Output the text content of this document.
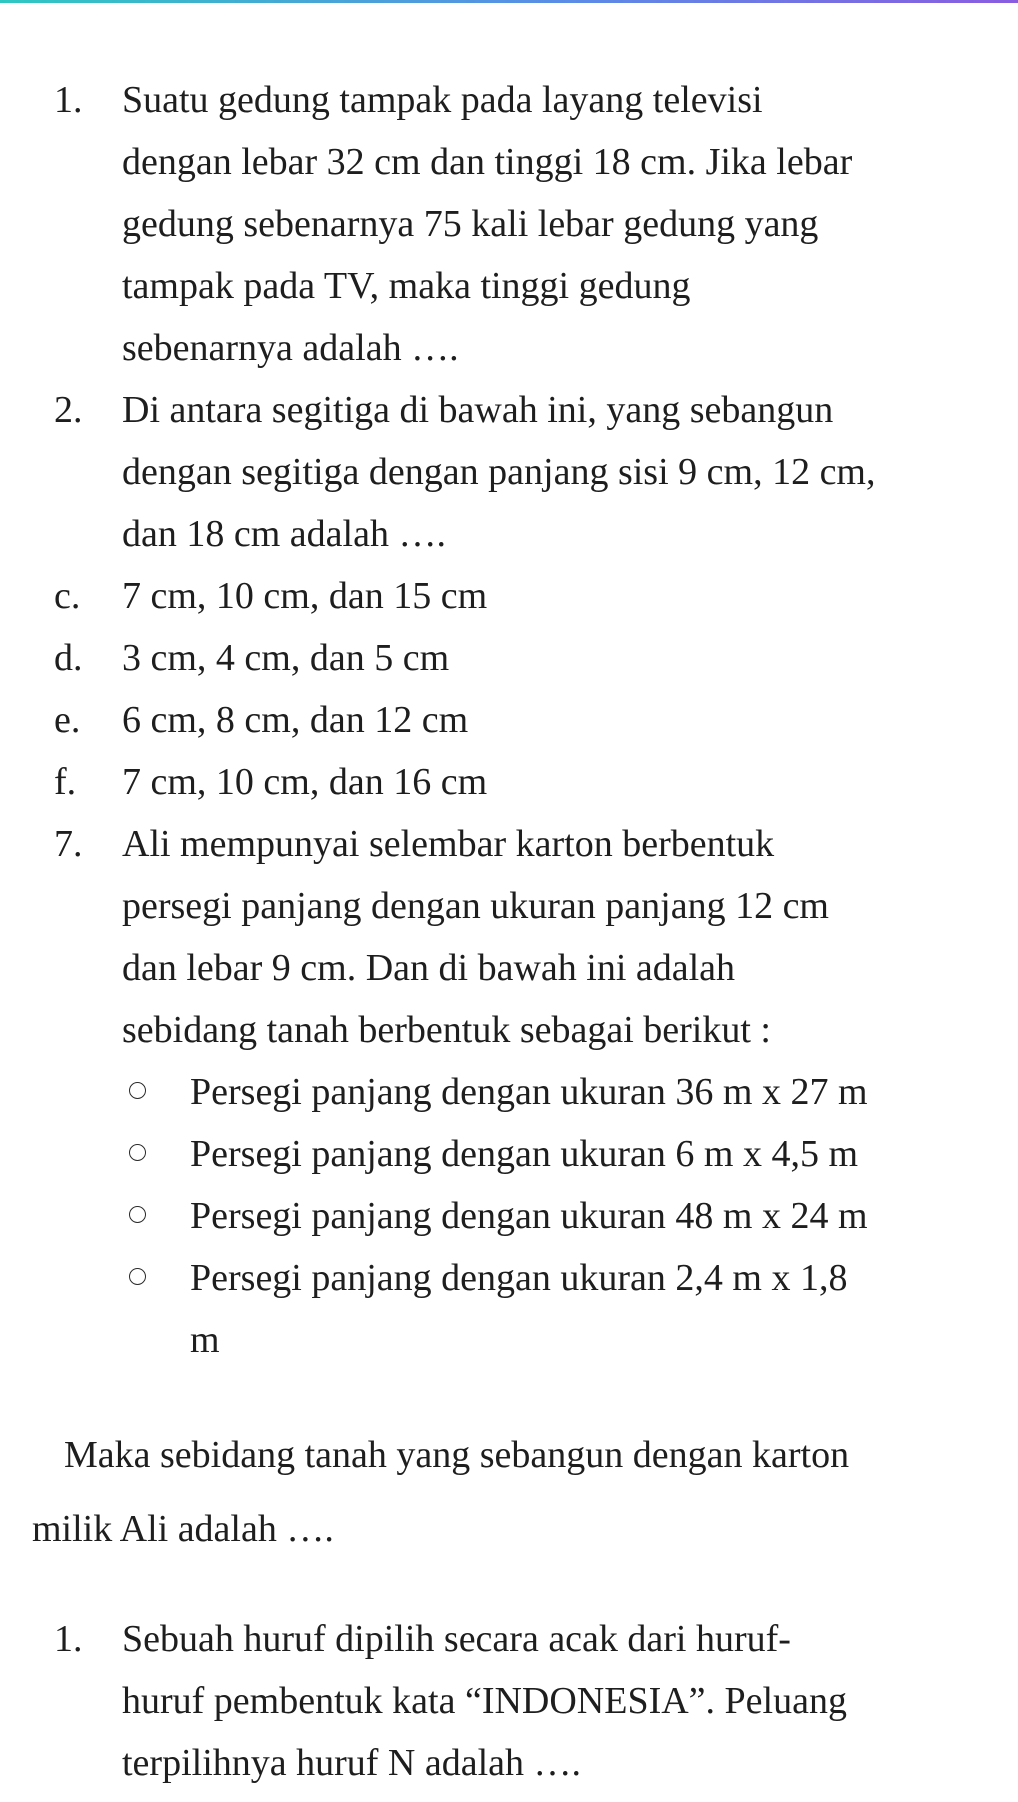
1. Suatu gedung tampak pada layang televisi
dengan lebar 32 cm dan tinggi 18 cm. Jika lebar
gedung sebenarnya 75 kali lebar gedung yang
tampak pada TV, maka tinggi gedung
sebenarnya adalah ….
2. Di antara segitiga di bawah ini, yang sebangun
dengan segitiga dengan panjang sisi 9 cm, 12 cm,
dan 18 cm adalah ….
c. 7 cm, 10 cm, dan 15 cm
d. 3 cm, 4 cm, dan 5 cm
e. 6 cm, 8 cm, dan 12 cm
f. 7 cm, 10 cm, dan 16 cm
7. Ali mempunyai selembar karton berbentuk
persegi panjang dengan ukuran panjang 12 cm
dan lebar 9 cm. Dan di bawah ini adalah
sebidang tanah berbentuk sebagai berikut :
Persegi panjang dengan ukuran 36 m x 27 m
Persegi panjang dengan ukuran 6 m x 4,5 m
Persegi panjang dengan ukuran 48 m x 24 m
Persegi panjang dengan ukuran 2,4 m x 1,8
m
Maka sebidang tanah yang sebangun dengan karton
milik Ali adalah ….
1. Sebuah huruf dipilih secara acak dari huruf-
huruf pembentuk kata “INDONESIA”. Peluang
terpilihnya huruf N adalah ….
